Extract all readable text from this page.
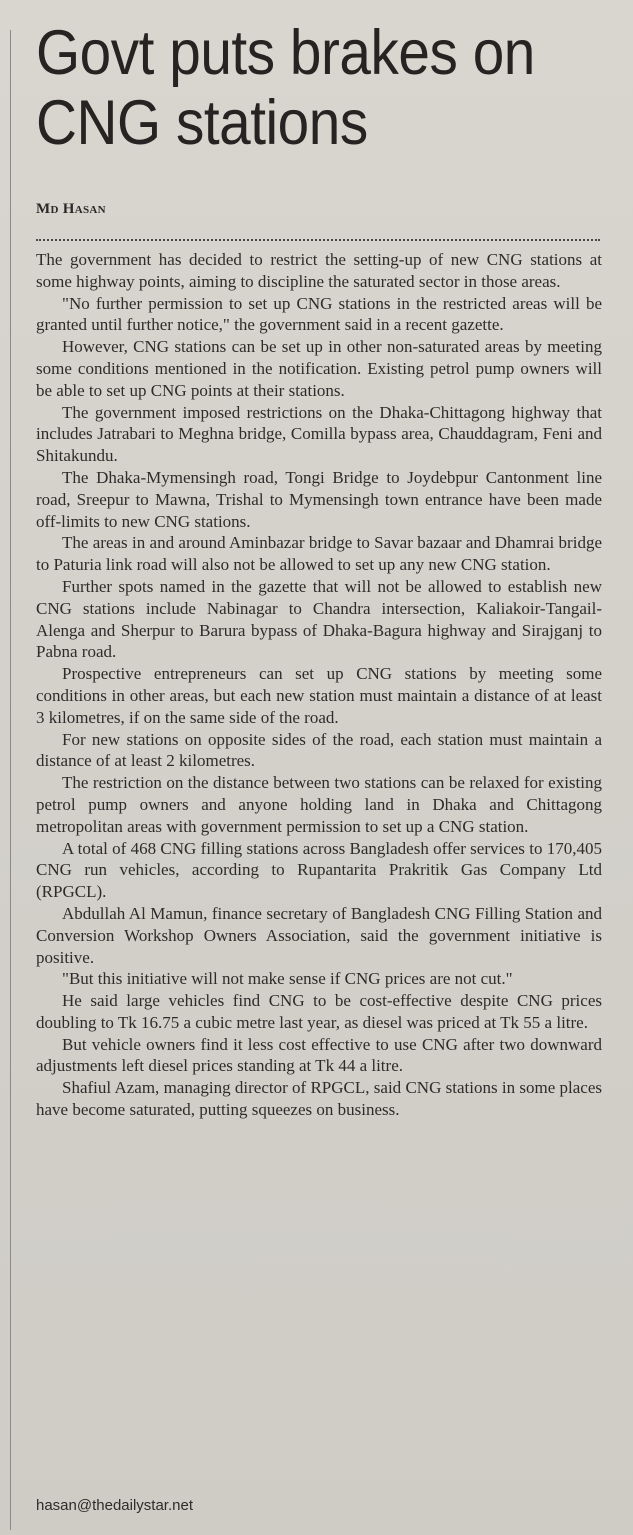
Govt puts brakes on CNG stations
Md Hasan

The government has decided to restrict the setting-up of new CNG stations at some highway points, aiming to discipline the saturated sector in those areas.

"No further permission to set up CNG stations in the restricted areas will be granted until further notice," the government said in a recent gazette.

However, CNG stations can be set up in other non-saturated areas by meeting some conditions mentioned in the notification. Existing petrol pump owners will be able to set up CNG points at their stations.

The government imposed restrictions on the Dhaka-Chittagong highway that includes Jatrabari to Meghna bridge, Comilla bypass area, Chauddagram, Feni and Shitakundu.

The Dhaka-Mymensingh road, Tongi Bridge to Joydebpur Cantonment line road, Sreepur to Mawna, Trishal to Mymensingh town entrance have been made off-limits to new CNG stations.

The areas in and around Aminbazar bridge to Savar bazaar and Dhamrai bridge to Paturia link road will also not be allowed to set up any new CNG station.

Further spots named in the gazette that will not be allowed to establish new CNG stations include Nabinagar to Chandra intersection, Kaliakoir-Tangail-Alenga and Sherpur to Barura bypass of Dhaka-Bagura highway and Sirajganj to Pabna road.

Prospective entrepreneurs can set up CNG stations by meeting some conditions in other areas, but each new station must maintain a distance of at least 3 kilometres, if on the same side of the road.

For new stations on opposite sides of the road, each station must maintain a distance of at least 2 kilometres.

The restriction on the distance between two stations can be relaxed for existing petrol pump owners and anyone holding land in Dhaka and Chittagong metropolitan areas with government permission to set up a CNG station.

A total of 468 CNG filling stations across Bangladesh offer services to 170,405 CNG run vehicles, according to Rupantarita Prakritik Gas Company Ltd (RPGCL).

Abdullah Al Mamun, finance secretary of Bangladesh CNG Filling Station and Conversion Workshop Owners Association, said the government initiative is positive.

"But this initiative will not make sense if CNG prices are not cut."

He said large vehicles find CNG to be cost-effective despite CNG prices doubling to Tk 16.75 a cubic metre last year, as diesel was priced at Tk 55 a litre.

But vehicle owners find it less cost effective to use CNG after two downward adjustments left diesel prices standing at Tk 44 a litre.

Shafiul Azam, managing director of RPGCL, said CNG stations in some places have become saturated, putting squeezes on business.

hasan@thedailystar.net
